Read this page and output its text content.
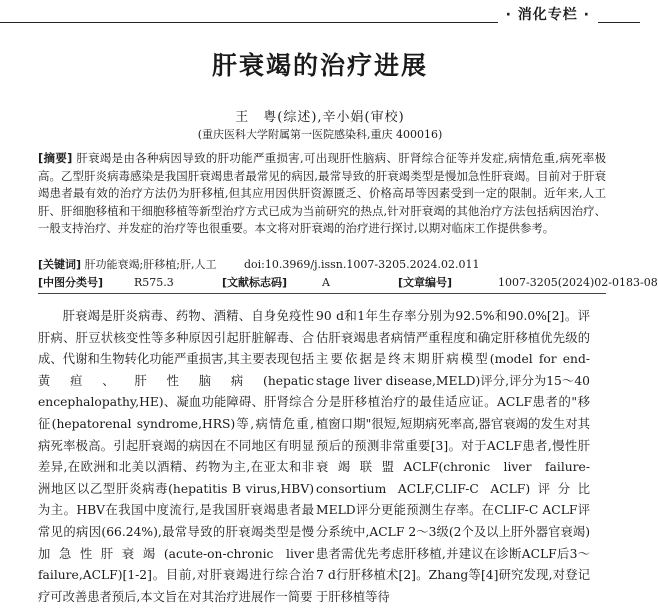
· 消化专栏 ·
肝衰竭的治疗进展
王　粤(综述),辛小娟(审校)
(重庆医科大学附属第一医院感染科,重庆 400016)
[摘要] 肝衰竭是由各种病因导致的肝功能严重损害,可出现肝性脑病、肝肾综合征等并发症,病情危重,病死率极高。乙型肝炎病毒感染是我国肝衰竭患者最常见的病因,最常导致的肝衰竭类型是慢加急性肝衰竭。目前对于肝衰竭患者最有效的治疗方法仍为肝移植,但其应用因供肝资源匮乏、价格高昂等因素受到一定的限制。近年来,人工肝、肝细胞移植和干细胞移植等新型治疗方式已成为当前研究的热点,针对肝衰竭的其他治疗方法包括病因治疗、一般支持治疗、并发症的治疗等也很重要。本文将对肝衰竭的治疗进行探讨,以期对临床工作提供参考。
[关键词] 肝功能衰竭;肝移植;肝,人工	doi:10.3969/j.issn.1007-3205.2024.02.011
[中图分类号]	R575.3	[文献标志码]	A	[文章编号]	1007-3205(2024)02-0183-08

肝衰竭是肝炎病毒、药物、酒精、自身免疫性肝病、肝豆状核变性等多种原因引起肝脏解毒、合成、代谢和生物转化功能严重损害,其主要表现包括黄疸、肝性脑病(hepatic encephalopathy,HE)、凝血功能障碍、肝肾综合征(hepatorenal syndrome,HRS)等,病情危重,病死率极高。引起肝衰竭的病因在不同地区有明显差异,在欧洲和北美以酒精、药物为主,在亚太和非洲地区以乙型肝炎病毒(hepatitis B virus,HBV)为主。HBV在我国中度流行,是我国肝衰竭患者最常见的病因(66.24%),最常导致的肝衰竭类型是慢加急性肝衰竭(acute-on-chronic liver failure,ACLF)[1-2]。目前,对肝衰竭进行综合治疗可改善患者预后,本文旨在对其治疗进展作一简要

90 d和1年生存率分别为92.5%和90.0%[2]。评估肝衰竭患者病情严重程度和确定肝移植优先级的主要依据是终末期肝病模型(model for end-stage liver disease,MELD)评分,评分为15～40分是肝移植治疗的最佳适应证。ACLF患者的"移植窗口期"很短,短期病死率高,器官衰竭的发生对其预后的预测非常重要[3]。对于ACLF患者,慢性肝衰竭联盟ACLF(chronic liver failure-consortium ACLF,CLIF-C ACLF)评分比MELD评分更能预测生存率。在CLIF-C ACLF评分系统中,ACLF 2～3级(2个及以上肝外器官衰竭)患者需优先考虑肝移植,并建议在诊断ACLF后3～7 d行肝移植术[2]。Zhang等[4]研究发现,对登记于肝移植等待
